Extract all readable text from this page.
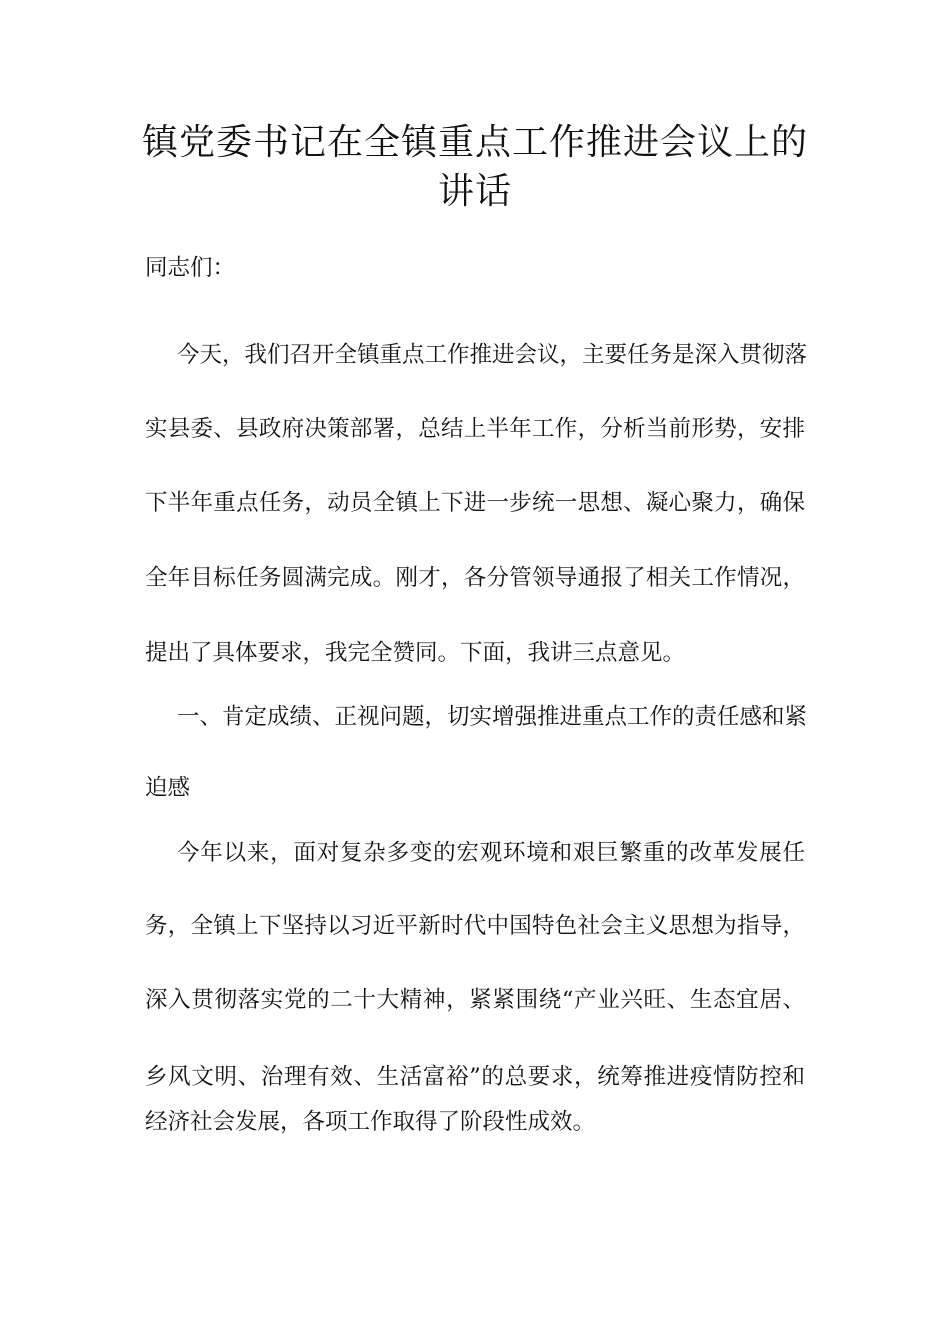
镇党委书记在全镇重点工作推进会议上的
讲话
同志们：
今天，我们召开全镇重点工作推进会议，主要任务是深入贯彻落
实县委、县政府决策部署，总结上半年工作，分析当前形势，安排
下半年重点任务，动员全镇上下进一步统一思想、凝心聚力，确保
全年目标任务圆满完成。刚才，各分管领导通报了相关工作情况，
提出了具体要求，我完全赞同。下面，我讲三点意见。
一、肯定成绩、正视问题，切实增强推进重点工作的责任感和紧
迫感
今年以来，面对复杂多变的宏观环境和艰巨繁重的改革发展任
务，全镇上下坚持以习近平新时代中国特色社会主义思想为指导，
深入贯彻落实党的二十大精神，紧紧围绕“产业兴旺、生态宜居、
乡风文明、治理有效、生活富裕”的总要求，统筹推进疫情防控和
经济社会发展，各项工作取得了阶段性成效。
